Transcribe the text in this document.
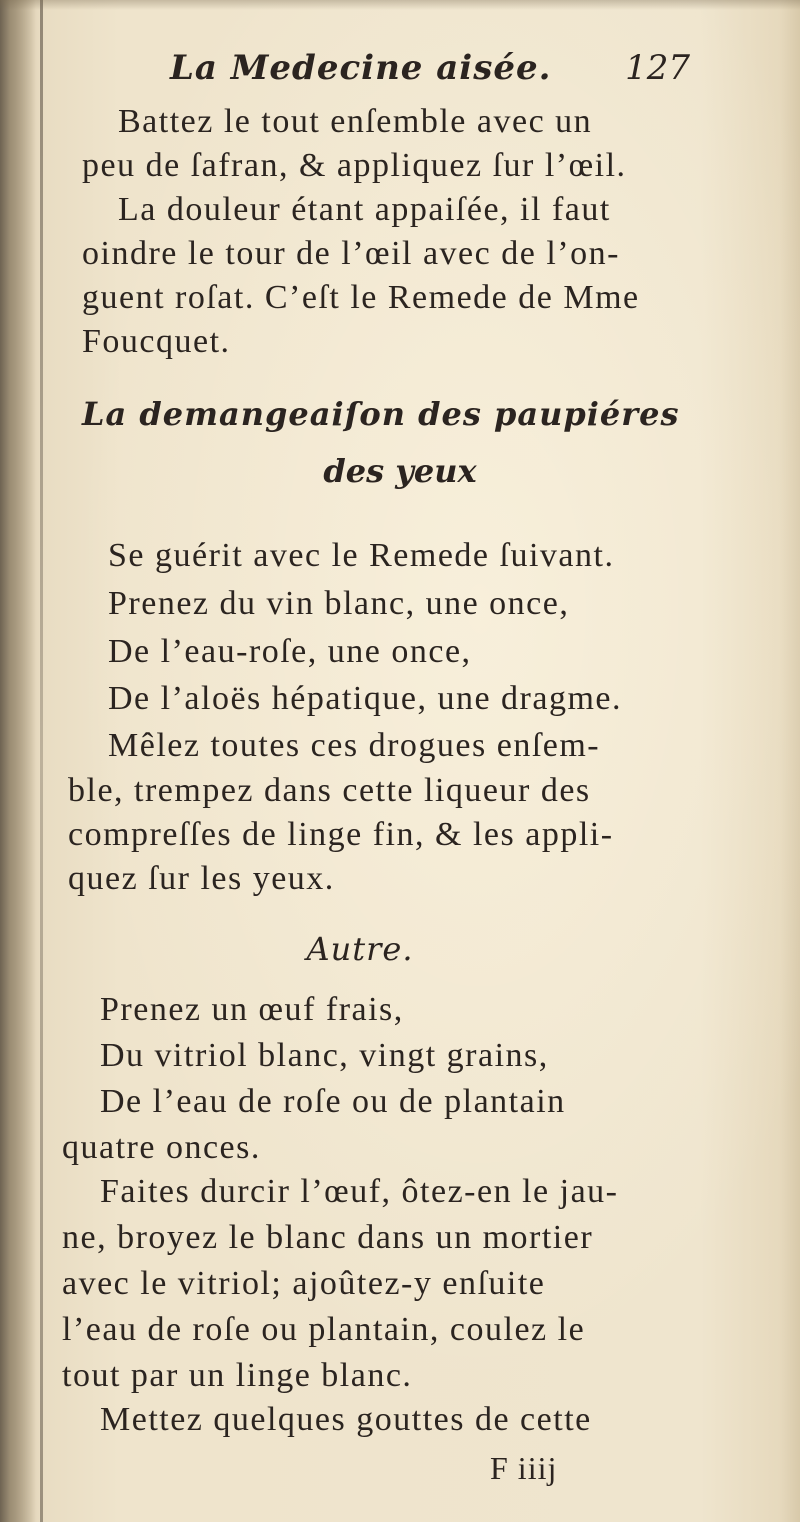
La Medecine aisée. 127
Battez le tout enſemble avec un
peu de ſafran, & appliquez ſur l’œil.
La douleur étant appaiſée, il faut
oindre le tour de l’œil avec de l’on-
guent roſat. C’eſt le Remede de Mme
Foucquet.
La demangeaiſon des paupiéres
des yeux
Se guérit avec le Remede ſuivant.
Prenez du vin blanc, une once,
De l’eau-roſe, une once,
De l’aloës hépatique, une dragme.
Mêlez toutes ces drogues enſem-
ble, trempez dans cette liqueur des
compreſſes de linge fin, & les appli-
quez ſur les yeux.
Autre.
Prenez un œuf frais,
Du vitriol blanc, vingt grains,
De l’eau de roſe ou de plantain
quatre onces.
Faites durcir l’œuf, ôtez-en le jau-
ne, broyez le blanc dans un mortier
avec le vitriol; ajoûtez-y enſuite
l’eau de roſe ou plantain, coulez le
tout par un linge blanc.
Mettez quelques gouttes de cette
F iiij
